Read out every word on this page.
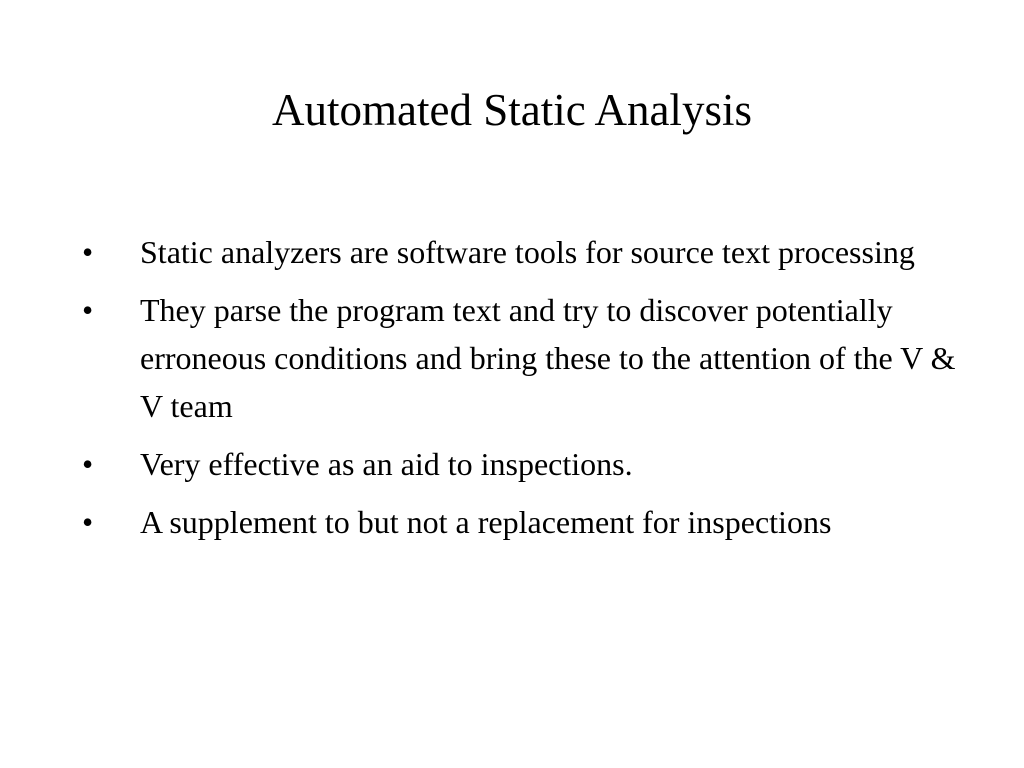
Automated Static Analysis
•	Static analyzers are software tools for source text processing
•	They parse the program text and try to discover potentially erroneous conditions and bring these to the attention of the V & V team
•	Very effective as an aid to inspections.
•	A supplement to but not a replacement for inspections
